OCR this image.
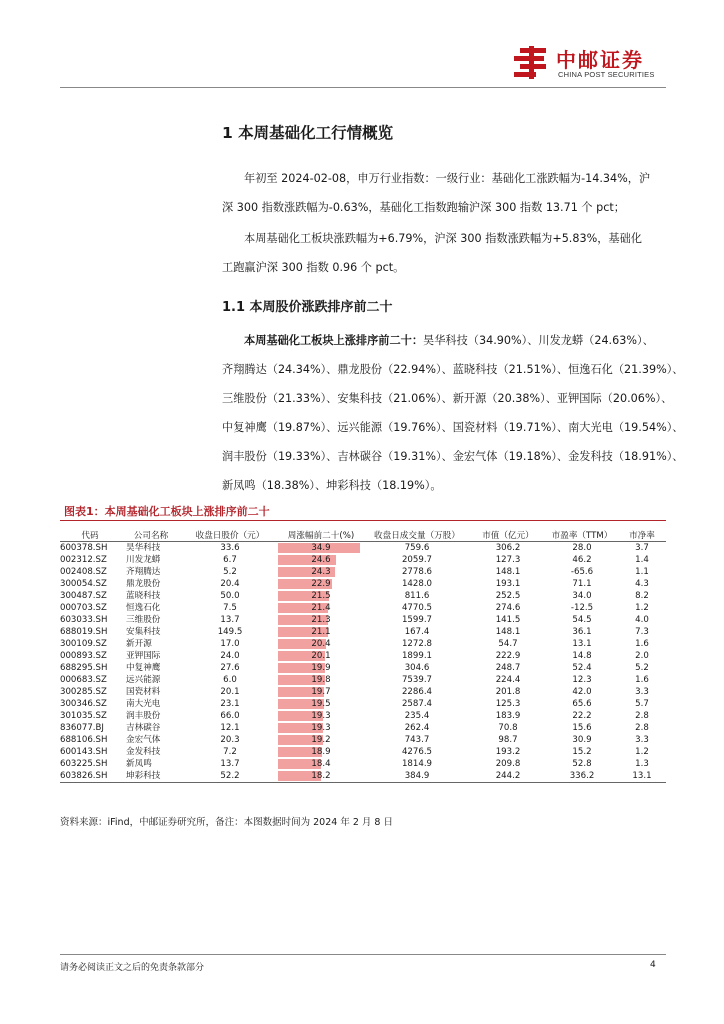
中邮证券
CHINA POST SECURITIES
1 本周基础化工行情概览

年初至 2024-02-08，申万行业指数：一级行业：基础化工涨跌幅为-14.34%，沪

深 300 指数涨跌幅为-0.63%，基础化工指数跑输沪深 300 指数 13.71 个 pct；

本周基础化工板块涨跌幅为+6.79%，沪深 300 指数涨跌幅为+5.83%，基础化

工跑赢沪深 300 指数 0.96 个 pct。

1.1 本周股价涨跌排序前二十

本周基础化工板块上涨排序前二十：昊华科技（34.90%）、川发龙蟒（24.63%）、

齐翔腾达（24.34%）、鼎龙股份（22.94%）、蓝晓科技（21.51%）、恒逸石化（21.39%）、

三维股份（21.33%）、安集科技（21.06%）、新开源（20.38%）、亚钾国际（20.06%）、

中复神鹰（19.87%）、远兴能源（19.76%）、国瓷材料（19.71%）、南大光电（19.54%）、

润丰股份（19.33%）、吉林碳谷（19.31%）、金宏气体（19.18%）、金发科技（18.91%）、

新凤鸣（18.38%）、坤彩科技（18.19%）。

图表1：本周基础化工板块上涨排序前二十
代码	公司名称	收盘日股价（元）	周涨幅前二十(%)	收盘日成交量（万股）	市值（亿元）	市盈率（TTM）	市净率
600378.SH	昊华科技	33.6	34.9	759.6	306.2	28.0	3.7
002312.SZ	川发龙蟒	6.7	24.6	2059.7	127.3	46.2	1.4
002408.SZ	齐翔腾达	5.2	24.3	2778.6	148.1	-65.6	1.1
300054.SZ	鼎龙股份	20.4	22.9	1428.0	193.1	71.1	4.3
300487.SZ	蓝晓科技	50.0	21.5	811.6	252.5	34.0	8.2
000703.SZ	恒逸石化	7.5	21.4	4770.5	274.6	-12.5	1.2
603033.SH	三维股份	13.7	21.3	1599.7	141.5	54.5	4.0
688019.SH	安集科技	149.5	21.1	167.4	148.1	36.1	7.3
300109.SZ	新开源	17.0	20.4	1272.8	54.7	13.1	1.6
000893.SZ	亚钾国际	24.0	20.1	1899.1	222.9	14.8	2.0
688295.SH	中复神鹰	27.6	19.9	304.6	248.7	52.4	5.2
000683.SZ	远兴能源	6.0	19.8	7539.7	224.4	12.3	1.6
300285.SZ	国瓷材料	20.1	19.7	2286.4	201.8	42.0	3.3
300346.SZ	南大光电	23.1	19.5	2587.4	125.3	65.6	5.7
301035.SZ	润丰股份	66.0	19.3	235.4	183.9	22.2	2.8
836077.BJ	吉林碳谷	12.1	19.3	262.4	70.8	15.6	2.8
688106.SH	金宏气体	20.3	19.2	743.7	98.7	30.9	3.3
600143.SH	金发科技	7.2	18.9	4276.5	193.2	15.2	1.2
603225.SH	新凤鸣	13.7	18.4	1814.9	209.8	52.8	1.3
603826.SH	坤彩科技	52.2	18.2	384.9	244.2	336.2	13.1
资料来源：iFind，中邮证券研究所，备注：本图数据时间为 2024 年 2 月 8 日
请务必阅读正文之后的免责条款部分	4
